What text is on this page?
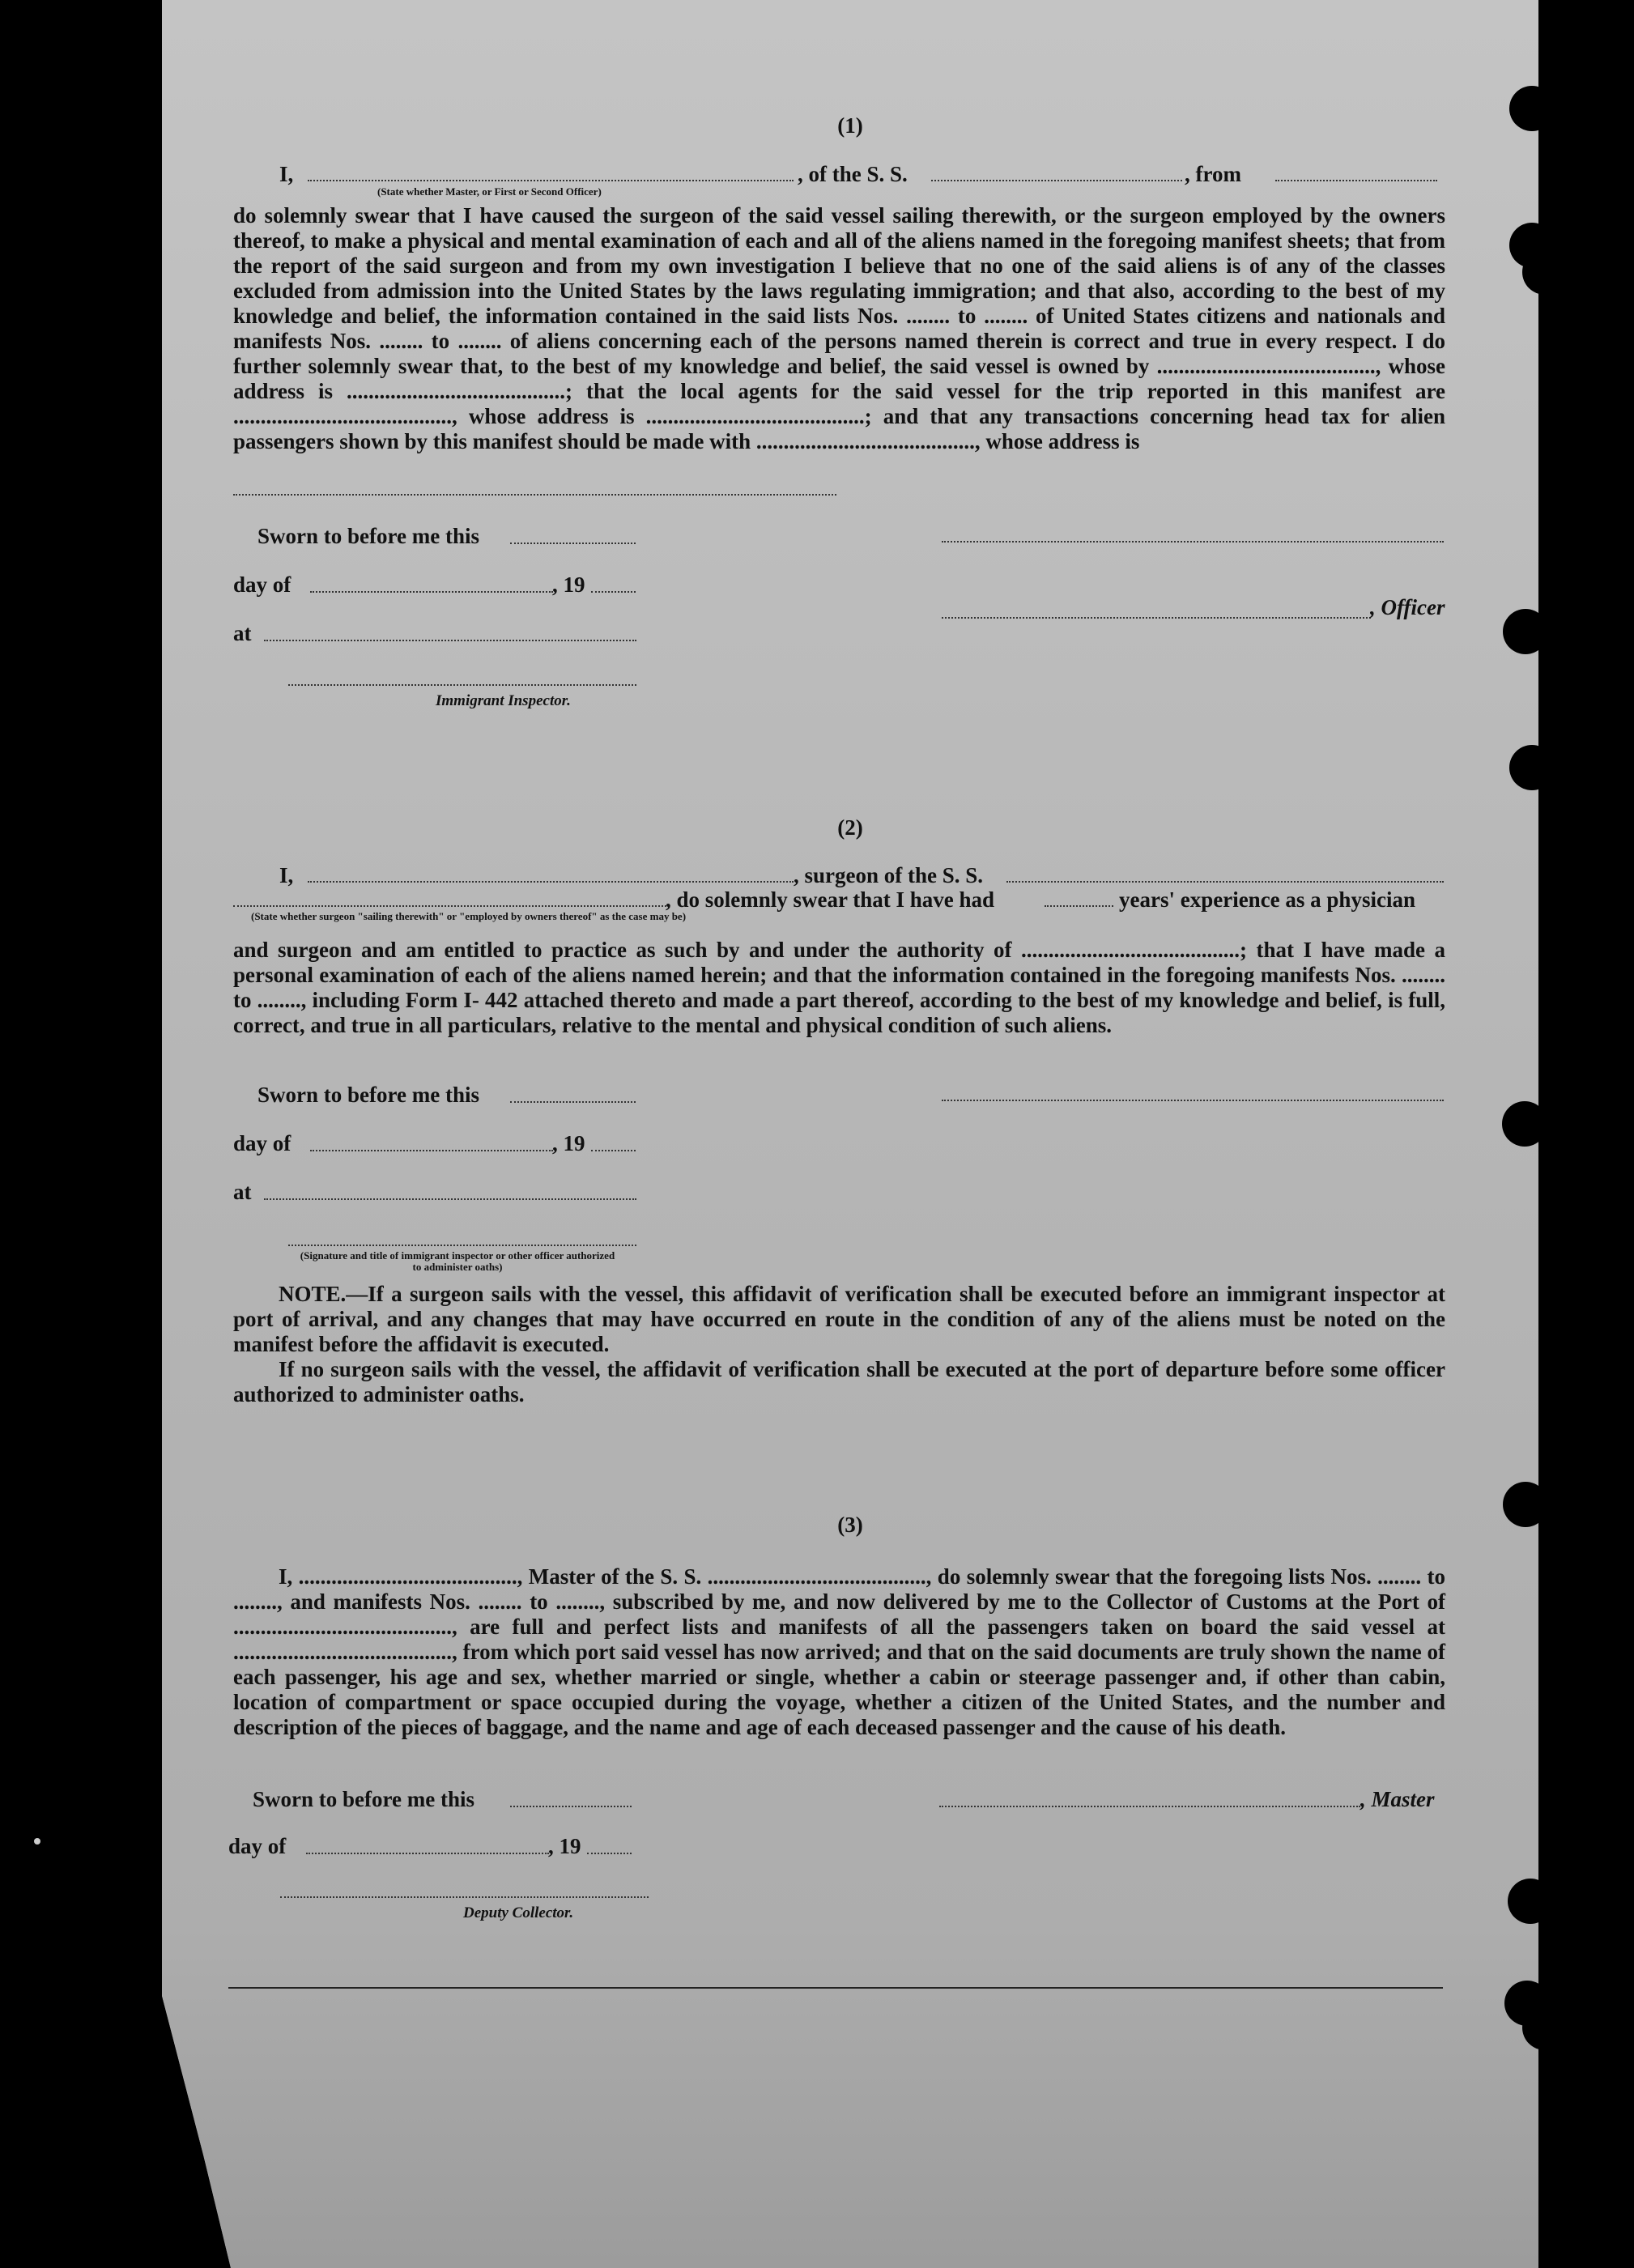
(1)
I,	, of the S. S.	, from
(State whether Master, or First or Second Officer)

do solemnly swear that I have caused the surgeon of the said vessel sailing therewith, or the surgeon employed by the owners thereof, to make a physical and mental examination of each and all of the aliens named in the foregoing manifest sheets; that from the report of the said surgeon and from my own investigation I believe that no one of the said aliens is of any of the classes excluded from admission into the United States by the laws regulating immigration; and that also, according to the best of my knowledge and belief, the information contained in the said lists Nos. ........ to ........ of United States citizens and nationals and manifests Nos. ........ to ........ of aliens concerning each of the persons named therein is correct and true in every respect. I do further solemnly swear that, to the best of my knowledge and belief, the said vessel is owned by ........................................, whose address is ........................................; that the local agents for the said vessel for the trip reported in this manifest are ........................................, whose address is ........................................; and that any transactions concerning head tax for alien passengers shown by this manifest should be made with ........................................, whose address is

Sworn to before me this
day of	, 19
, Officer
at
Immigrant Inspector.
(2)
I,	, surgeon of the S. S.
, do solemnly swear that I have had	years' experience as a physician
(State whether surgeon "sailing therewith" or "employed by owners thereof" as the case may be)

and surgeon and am entitled to practice as such by and under the authority of ........................................; that I have made a personal examination of each of the aliens named herein; and that the information contained in the foregoing manifests Nos. ........ to ........, including Form I- 442 attached thereto and made a part thereof, according to the best of my knowledge and belief, is full, correct, and true in all particulars, relative to the mental and physical condition of such aliens.

Sworn to before me this
day of	, 19
at
(Signature and title of immigrant inspector or other officer authorized to administer oaths)

NOTE.—If a surgeon sails with the vessel, this affidavit of verification shall be executed before an immigrant inspector at port of arrival, and any changes that may have occurred en route in the condition of any of the aliens must be noted on the manifest before the affidavit is executed.

If no surgeon sails with the vessel, the affidavit of verification shall be executed at the port of departure before some officer authorized to administer oaths.

(3)

I, ........................................, Master of the S. S. ........................................, do solemnly swear that the foregoing lists Nos. ........ to ........, and manifests Nos. ........ to ........, subscribed by me, and now delivered by me to the Collector of Customs at the Port of ........................................, are full and perfect lists and manifests of all the passengers taken on board the said vessel at ........................................, from which port said vessel has now arrived; and that on the said documents are truly shown the name of each passenger, his age and sex, whether married or single, whether a cabin or steerage passenger and, if other than cabin, location of compartment or space occupied during the voyage, whether a citizen of the United States, and the number and description of the pieces of baggage, and the name and age of each deceased passenger and the cause of his death.

Sworn to before me this	, Master
day of	, 19
Deputy Collector.
